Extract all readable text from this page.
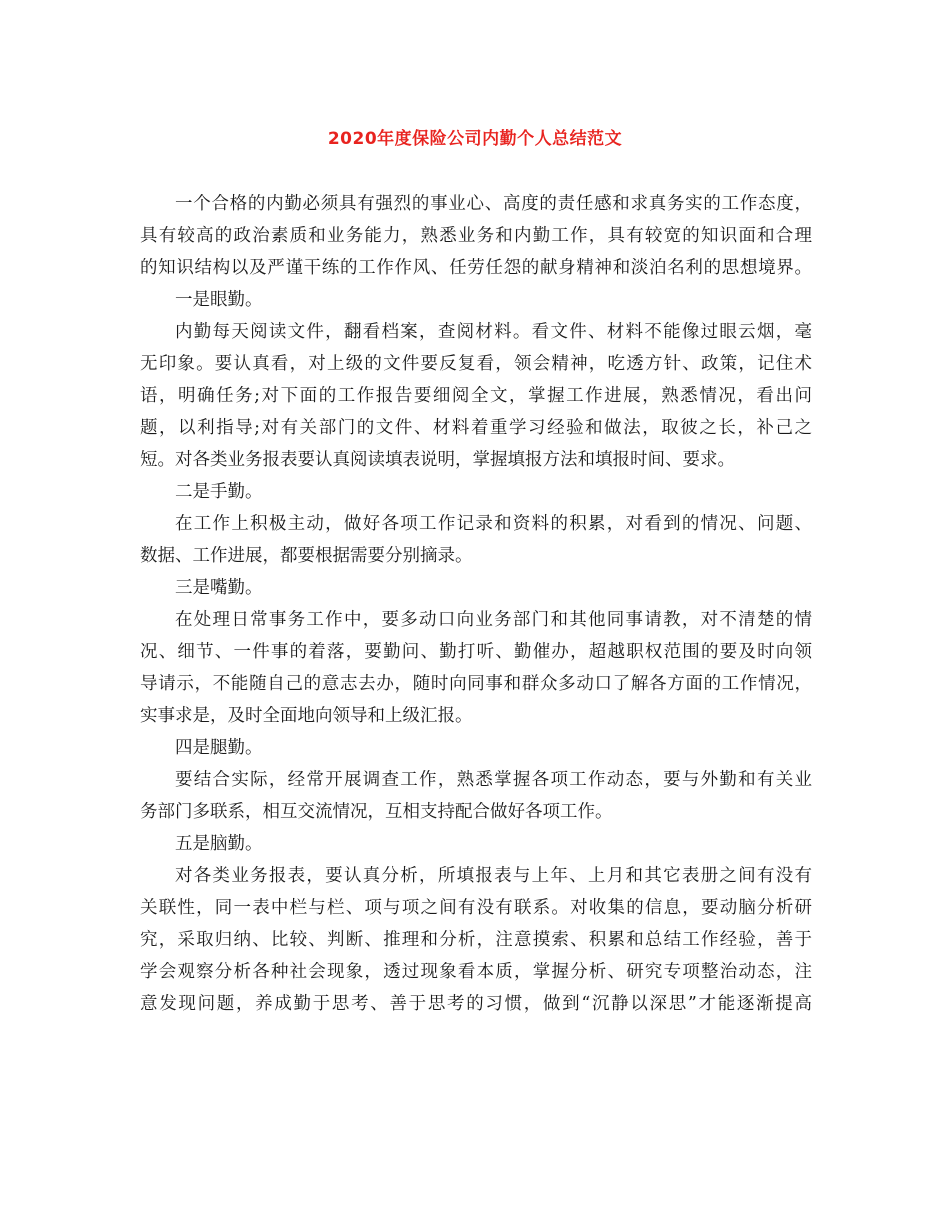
2020年度保险公司内勤个人总结范文
一个合格的内勤必须具有强烈的事业心、高度的责任感和求真务实的工作态度，
具有较高的政治素质和业务能力，熟悉业务和内勤工作，具有较宽的知识面和合理
的知识结构以及严谨干练的工作作风、任劳任怨的献身精神和淡泊名利的思想境界。
一是眼勤。
内勤每天阅读文件，翻看档案，查阅材料。看文件、材料不能像过眼云烟，毫
无印象。要认真看，对上级的文件要反复看，领会精神，吃透方针、政策，记住术
语，明确任务;对下面的工作报告要细阅全文，掌握工作进展，熟悉情况，看出问
题，以利指导;对有关部门的文件、材料着重学习经验和做法，取彼之长，补己之
短。对各类业务报表要认真阅读填表说明，掌握填报方法和填报时间、要求。
二是手勤。
在工作上积极主动，做好各项工作记录和资料的积累，对看到的情况、问题、
数据、工作进展，都要根据需要分别摘录。
三是嘴勤。
在处理日常事务工作中，要多动口向业务部门和其他同事请教，对不清楚的情
况、细节、一件事的着落，要勤问、勤打听、勤催办，超越职权范围的要及时向领
导请示，不能随自己的意志去办，随时向同事和群众多动口了解各方面的工作情况，
实事求是，及时全面地向领导和上级汇报。
四是腿勤。
要结合实际，经常开展调查工作，熟悉掌握各项工作动态，要与外勤和有关业
务部门多联系，相互交流情况，互相支持配合做好各项工作。
五是脑勤。
对各类业务报表，要认真分析，所填报表与上年、上月和其它表册之间有没有
关联性，同一表中栏与栏、项与项之间有没有联系。对收集的信息，要动脑分析研
究，采取归纳、比较、判断、推理和分析，注意摸索、积累和总结工作经验，善于
学会观察分析各种社会现象，透过现象看本质，掌握分析、研究专项整治动态，注
意发现问题，养成勤于思考、善于思考的习惯，做到“沉静以深思”才能逐渐提高
